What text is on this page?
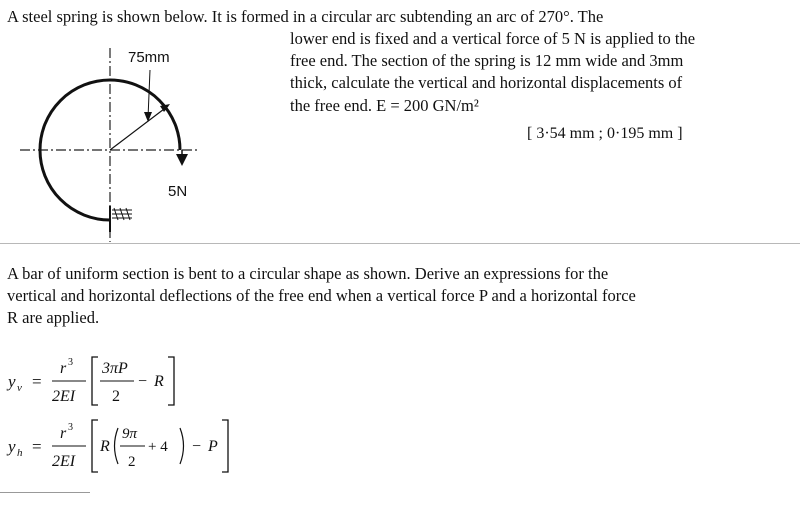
A steel spring is shown below. It is formed in a circular arc subtending an arc of 270°. The

lower end is fixed and a vertical force of 5 N is applied to the

free end. The section of the spring is 12 mm wide and 3mm

thick, calculate the vertical and horizontal displacements of

the free end. E = 200 GN/m²

[ 3·54 mm ; 0·195 mm ]
75mm
5N

A bar of uniform section is bent to a circular shape as shown. Derive an expressions for the

vertical and horizontal deflections of the free end when a vertical force P and a horizontal force

R are applied.

y v =
r 3
2EI
3πP
2
− R
y h =
r 3
2EI
R
9π
2
+ 4 − P
